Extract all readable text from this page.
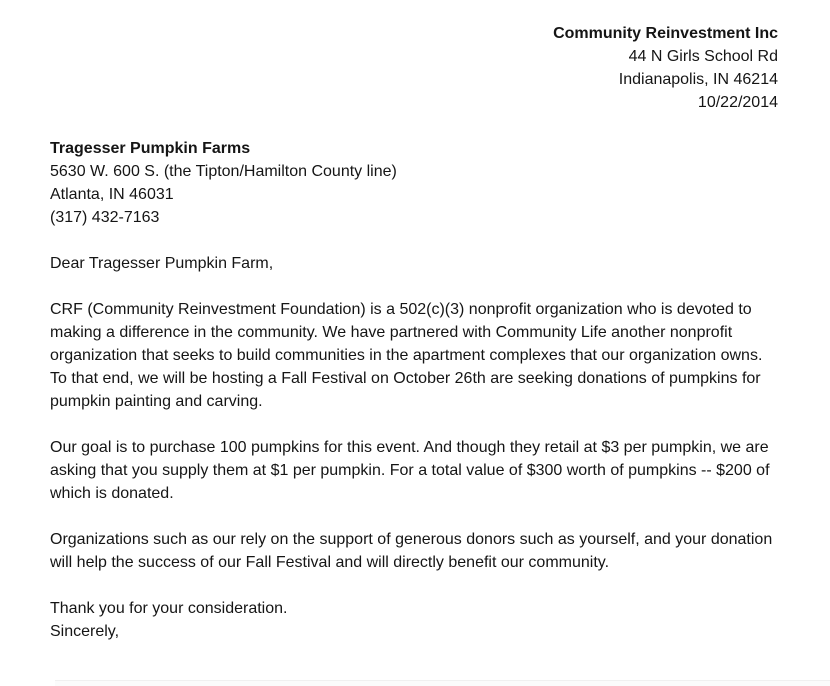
Community Reinvestment Inc
44 N Girls School Rd
Indianapolis, IN 46214
10/22/2014
Tragesser Pumpkin Farms
5630 W. 600 S. (the Tipton/Hamilton County line)
Atlanta, IN 46031
(317) 432-7163

Dear Tragesser Pumpkin Farm,

CRF (Community Reinvestment Foundation) is a 502(c)(3) nonprofit organization who is devoted to making a difference in the community. We have partnered with Community Life another nonprofit organization that seeks to build communities in the apartment complexes that our organization owns. To that end, we will be hosting a Fall Festival on October 26th are seeking donations of pumpkins for pumpkin painting and carving.

Our goal is to purchase 100 pumpkins for this event. And though they retail at $3 per pumpkin, we are asking that you supply them at $1 per pumpkin. For a total value of $300 worth of pumpkins -- $200 of which is donated.

Organizations such as our rely on the support of generous donors such as yourself, and your donation will help the success of our Fall Festival and will directly benefit our community.

Thank you for your consideration.
Sincerely,
